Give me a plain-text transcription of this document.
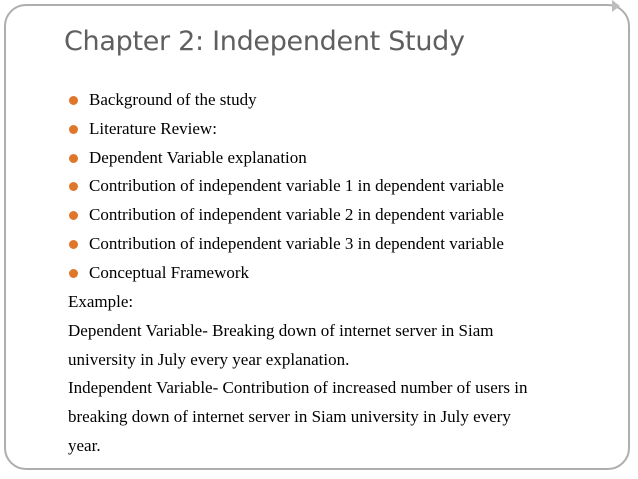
Chapter 2: Independent Study
Background of the study
Literature Review:
Dependent Variable explanation
Contribution of independent variable 1 in dependent variable
Contribution of independent variable 2 in dependent variable
Contribution of independent variable 3 in dependent variable
Conceptual Framework
Example:
Dependent Variable- Breaking down of internet server in Siam
university in July every year explanation.
Independent Variable- Contribution of increased number of users in
breaking down of internet server in Siam university in July every
year.
